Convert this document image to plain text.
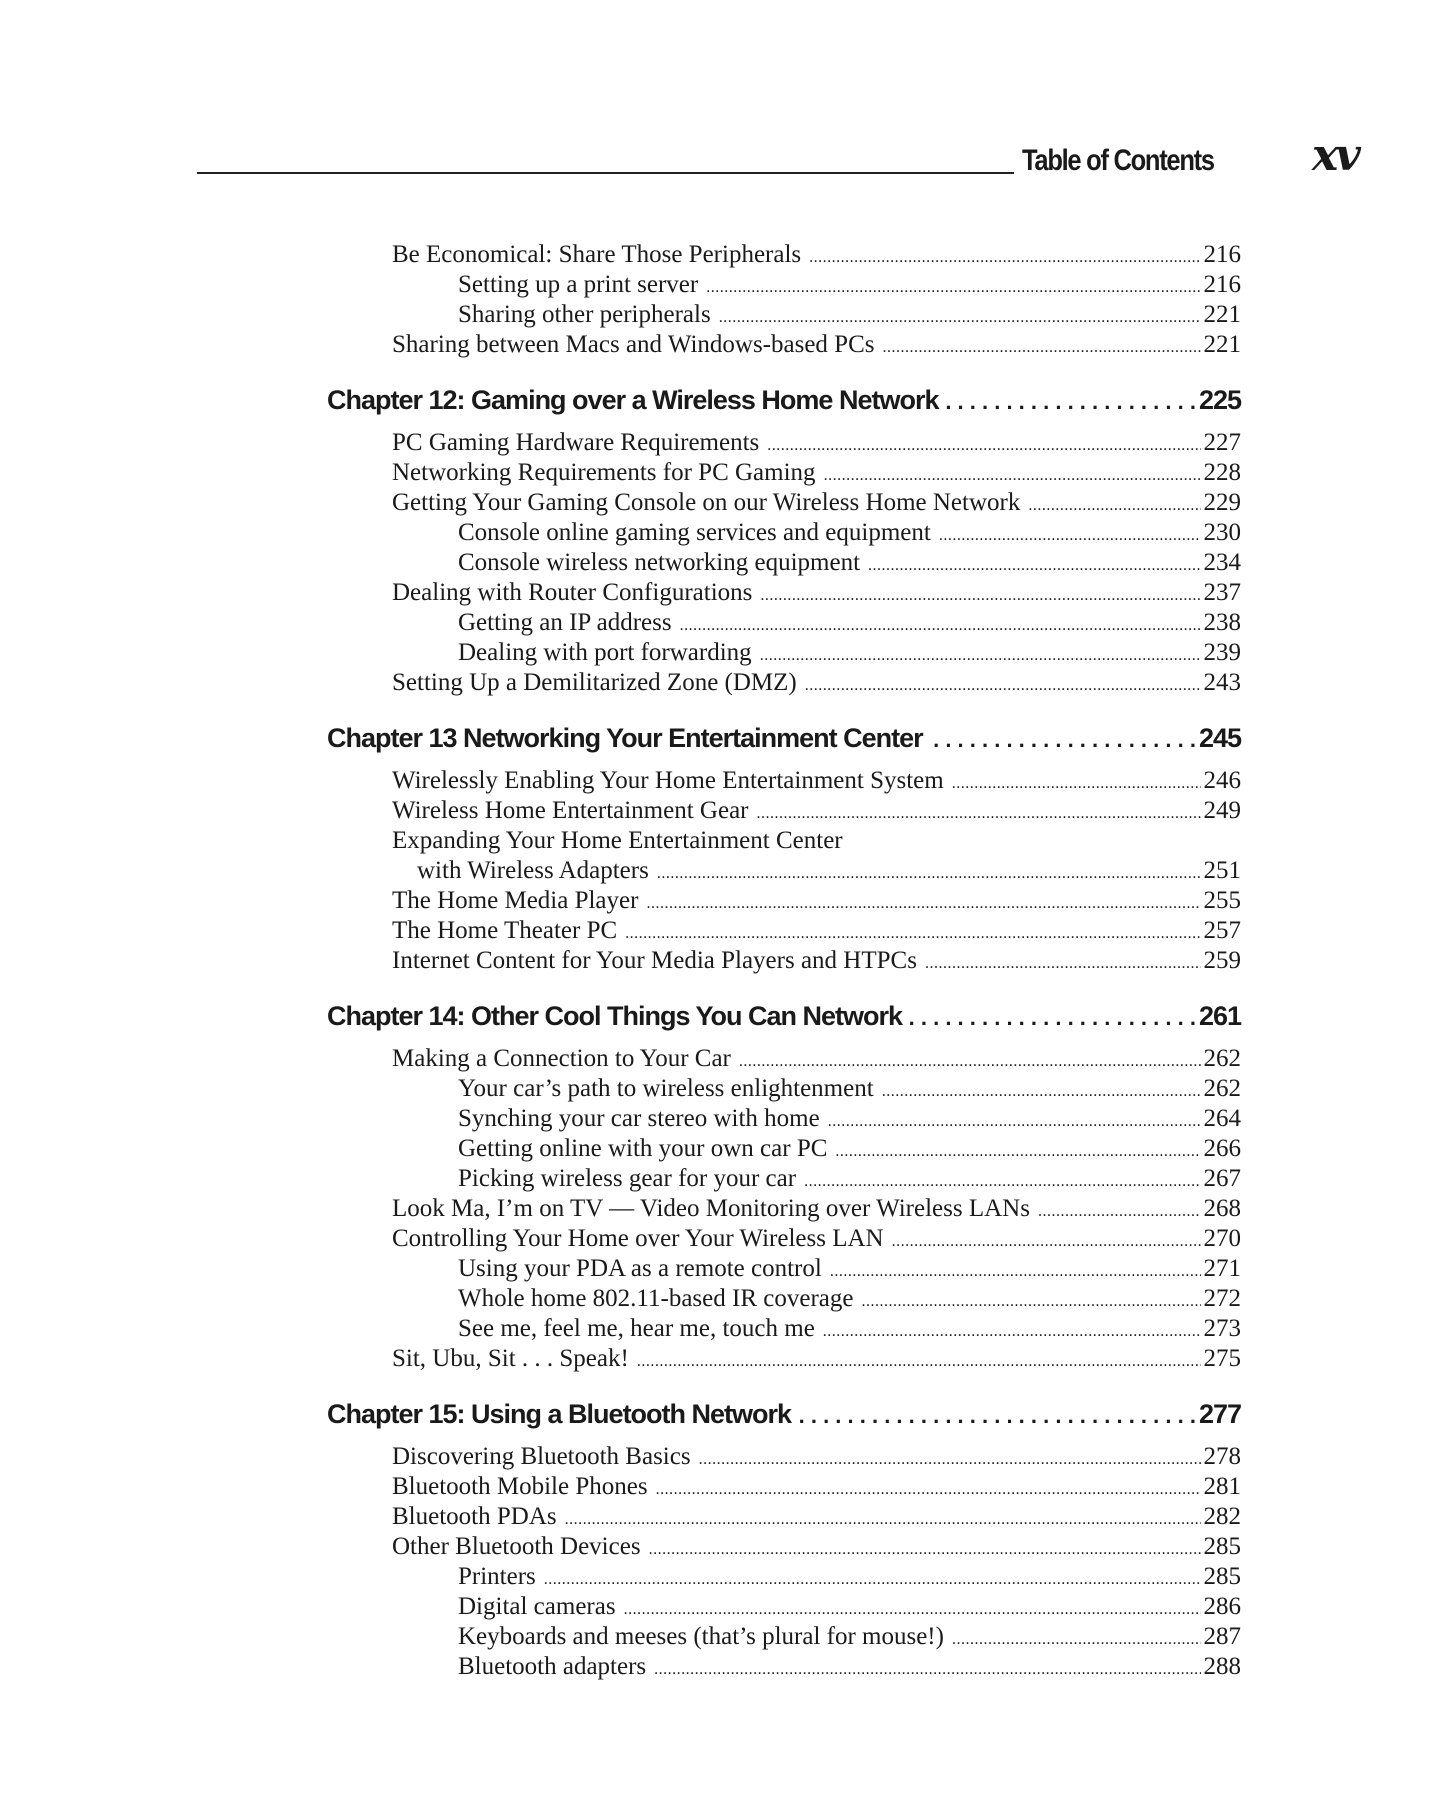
Table of Contents xv
Be Economical: Share Those Peripherals .....	216
Setting up a print server .....	216
Sharing other peripherals .....	221
Sharing between Macs and Windows-based PCs .....	221
Chapter 12: Gaming over a Wireless Home Network . . .	225
PC Gaming Hardware Requirements .....	227
Networking Requirements for PC Gaming .....	228
Getting Your Gaming Console on our Wireless Home Network .....	229
Console online gaming services and equipment .....	230
Console wireless networking equipment .....	234
Dealing with Router Configurations .....	237
Getting an IP address .....	238
Dealing with port forwarding .....	239
Setting Up a Demilitarized Zone (DMZ) .....	243
Chapter 13 Networking Your Entertainment Center . . .	245
Wirelessly Enabling Your Home Entertainment System .....	246
Wireless Home Entertainment Gear .....	249
Expanding Your Home Entertainment Center
with Wireless Adapters .....	251
The Home Media Player .....	255
The Home Theater PC .....	257
Internet Content for Your Media Players and HTPCs .....	259
Chapter 14: Other Cool Things You Can Network . . .	261
Making a Connection to Your Car .....	262
Your car’s path to wireless enlightenment .....	262
Synching your car stereo with home .....	264
Getting online with your own car PC .....	266
Picking wireless gear for your car .....	267
Look Ma, I’m on TV — Video Monitoring over Wireless LANs .....	268
Controlling Your Home over Your Wireless LAN .....	270
Using your PDA as a remote control .....	271
Whole home 802.11-based IR coverage .....	272
See me, feel me, hear me, touch me .....	273
Sit, Ubu, Sit . . . Speak! .....	275
Chapter 15: Using a Bluetooth Network . . .	277
Discovering Bluetooth Basics .....	278
Bluetooth Mobile Phones .....	281
Bluetooth PDAs .....	282
Other Bluetooth Devices .....	285
Printers .....	285
Digital cameras .....	286
Keyboards and meeses (that’s plural for mouse!) .....	287
Bluetooth adapters .....	288
